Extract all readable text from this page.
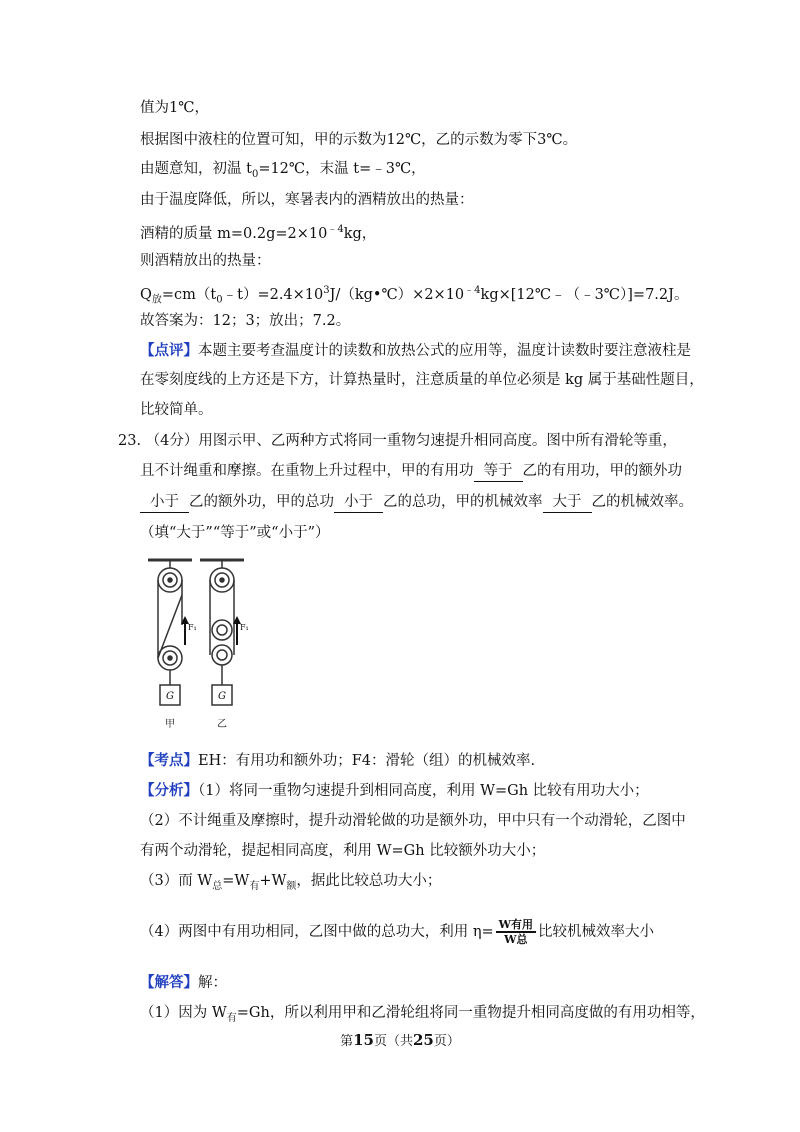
值为1℃，
根据图中液柱的位置可知，甲的示数为12℃，乙的示数为零下3℃。
由题意知，初温 $t_0=12℃$，末温 t=﹣3℃，
由于温度降低，所以，寒暑表内的酒精放出的热量：
酒精的质量 $m=0.2g=2\times 10^{﹣4}kg$，
则酒精放出的热量：
$Q_放=cm(t_0﹣t)=2.4\times 10^3J/(kg•℃)\times 2\times 10^{﹣4}kg\times[12℃﹣(﹣3℃)]=7.2J$。
故答案为：12；3；放出；7.2。
【点评】本题主要考查温度计的读数和放热公式的应用等，温度计读数时要注意液柱是
在零刻度线的上方还是下方，计算热量时，注意质量的单位必须是 kg 属于基础性题目，
比较简单。
23. （4分）用图示甲、乙两种方式将同一重物匀速提升相同高度。图中所有滑轮等重，
且不计绳重和摩擦。在重物上升过程中，甲的有用功 等于 乙的有用功，甲的额外功
小于 乙的额外功，甲的总功 小于 乙的总功，甲的机械效率 大于 乙的机械效率。
（填“大于”“等于”或“小于”）
F₁	F₁
G	G
甲	乙
【考点】EH：有用功和额外功；F4：滑轮（组）的机械效率.
【分析】（1）将同一重物匀速提升到相同高度，利用 W=Gh 比较有用功大小；
（2）不计绳重及摩擦时，提升动滑轮做的功是额外功，甲中只有一个动滑轮，乙图中
有两个动滑轮，提起相同高度，利用 W=Gh 比较额外功大小；
（3）而 $W_总=W_有+W_额$，据此比较总功大小；
（4）两图中有用功相同，乙图中做的总功大，利用 $\eta= \frac{\text{W有用}}{\text{W总}}$ 比较机械效率大小
【解答】解：
（1）因为 $W_有=Gh$，所以利用甲和乙滑轮组将同一重物提升相同高度做的有用功相等，
第15页（共25页）
